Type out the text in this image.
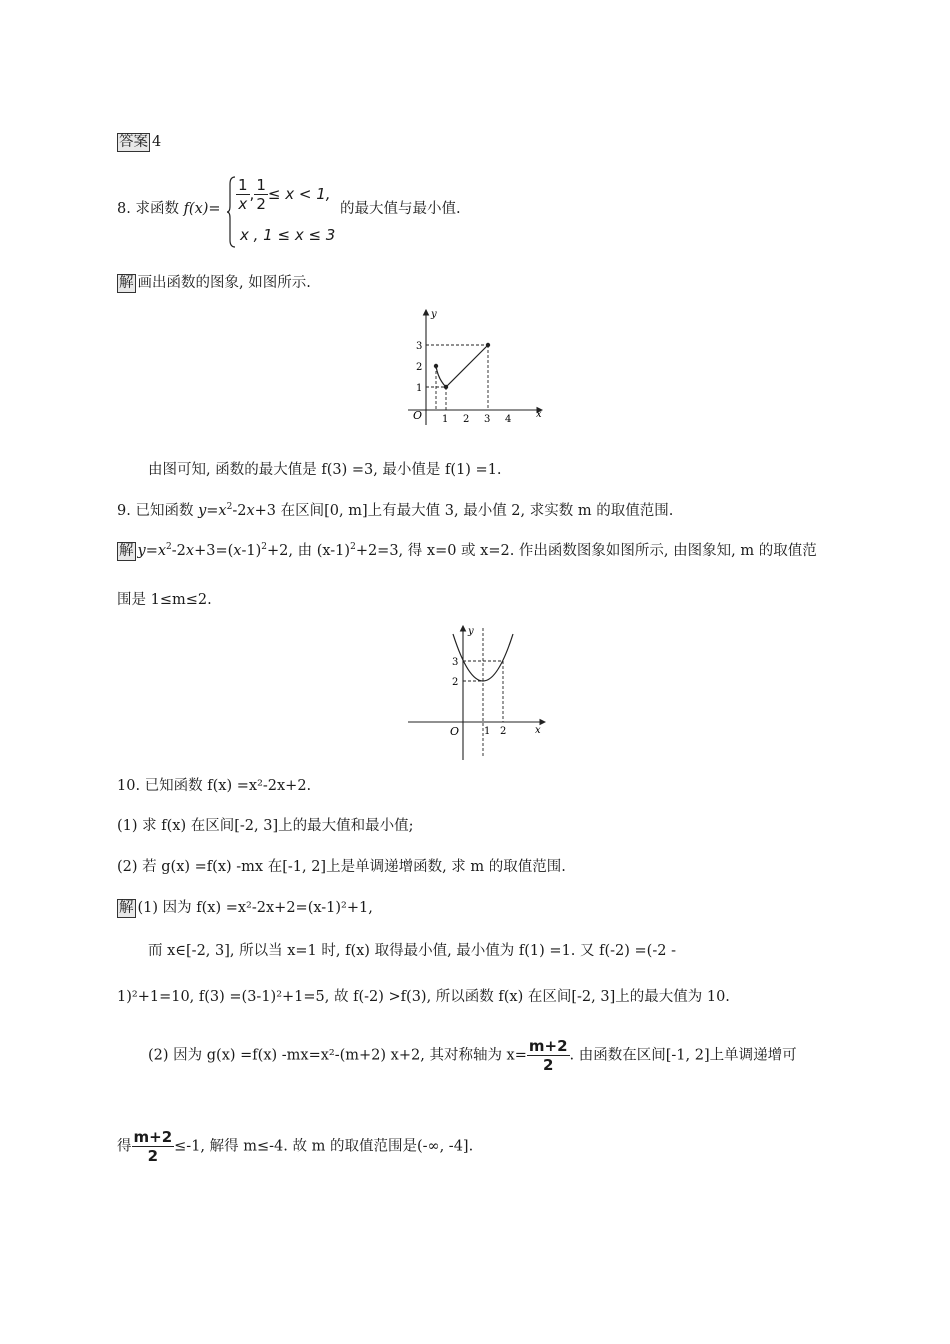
答案 4
8. 求函数 $f(x)= \frac{1}{x}$ , $\frac{1}{2} \le x < 1$,
x , 1 ≤ x ≤ 3
的最大值与最小值.
解 画出函数的图象, 如图所示.
y
x
O
1
2
3
1 2 3 4
由图可知, 函数的最大值是 f(3) =3, 最小值是 f(1) =1.
9. 已知函数 $y=x^2-2x+3$ 在区间[0, m]上有最大值 3, 最小值 2, 求实数 m 的取值范围.
解 $y=x^2-2x+3=(x-1)^2+2$, 由 $(x-1)^2+2=3$, 得 x=0 或 x=2. 作出函数图象如图所示, 由图象知, m 的取值范
围是 1≤m≤2.
y
x
O
2
3
1 2
10. 已知函数 f(x) =x²-2x+2.
(1) 求 f(x) 在区间[-2, 3]上的最大值和最小值;
(2) 若 g(x) =f(x) -mx 在[-1, 2]上是单调递增函数, 求 m 的取值范围.
解 (1) 因为 f(x) =x²-2x+2=(x-1)²+1,
而 x∈[-2, 3], 所以当 x=1 时, f(x) 取得最小值, 最小值为 f(1) =1. 又 f(-2) =(-2 -
1)²+1=10, f(3) =(3-1)²+1=5, 故 f(-2) >f(3), 所以函数 f(x) 在区间[-2, 3]上的最大值为 10.
(2) 因为 g(x) =f(x) -mx=x²-(m+2) x+2, 其对称轴为 $x= \frac{m+2}{2}$ . 由函数在区间[-1, 2]上单调递增可
得 $\frac{m+2}{2} \le-1$, 解得 m≤-4. 故 m 的取值范围是(-∞, -4].
